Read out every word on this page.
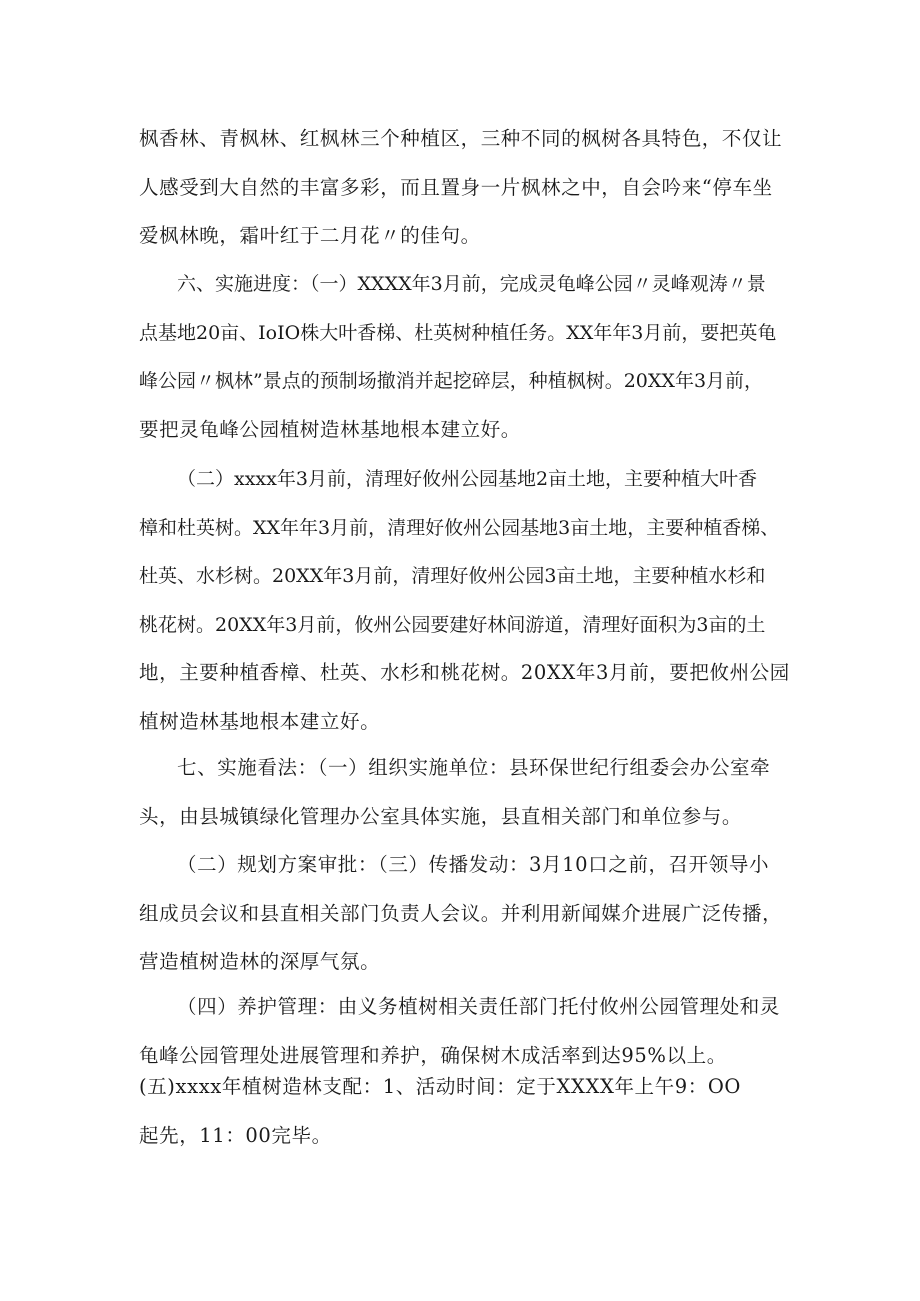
枫香林、青枫林、红枫林三个种植区，三种不同的枫树各具特色，不仅让
人感受到大自然的丰富多彩，而且置身一片枫林之中，自会吟来“停车坐
爱枫林晚，霜叶红于二月花〃的佳句。
六、实施进度：（一）XXXX年3月前，完成灵龟峰公园〃灵峰观涛〃景
点基地20亩、IoIO株大叶香梯、杜英树种植任务。XX年年3月前，要把英龟
峰公园〃枫林”景点的预制场撤消并起挖碎层，种植枫树。20XX年3月前，
要把灵龟峰公园植树造林基地根本建立好。
（二）xxxx年3月前，清理好攸州公园基地2亩土地，主要种植大叶香
樟和杜英树。XX年年3月前，清理好攸州公园基地3亩土地，主要种植香梯、
杜英、水杉树。20XX年3月前，清理好攸州公园3亩土地，主要种植水杉和
桃花树。20XX年3月前，攸州公园要建好林间游道，清理好面积为3亩的土
地，主要种植香樟、杜英、水杉和桃花树。20XX年3月前，要把攸州公园
植树造林基地根本建立好。
七、实施看法：（一）组织实施单位：县环保世纪行组委会办公室牵
头，由县城镇绿化管理办公室具体实施，县直相关部门和单位参与。
（二）规划方案审批：（三）传播发动：3月10口之前，召开领导小
组成员会议和县直相关部门负责人会议。并利用新闻媒介进展广泛传播，
营造植树造林的深厚气氛。
（四）养护管理：由义务植树相关责任部门托付攸州公园管理处和灵
龟峰公园管理处进展管理和养护，确保树木成活率到达95%以上。
(五)xxxx年植树造林支配：1、活动时间：定于XXXX年上午9：OO
起先，11：00完毕。
